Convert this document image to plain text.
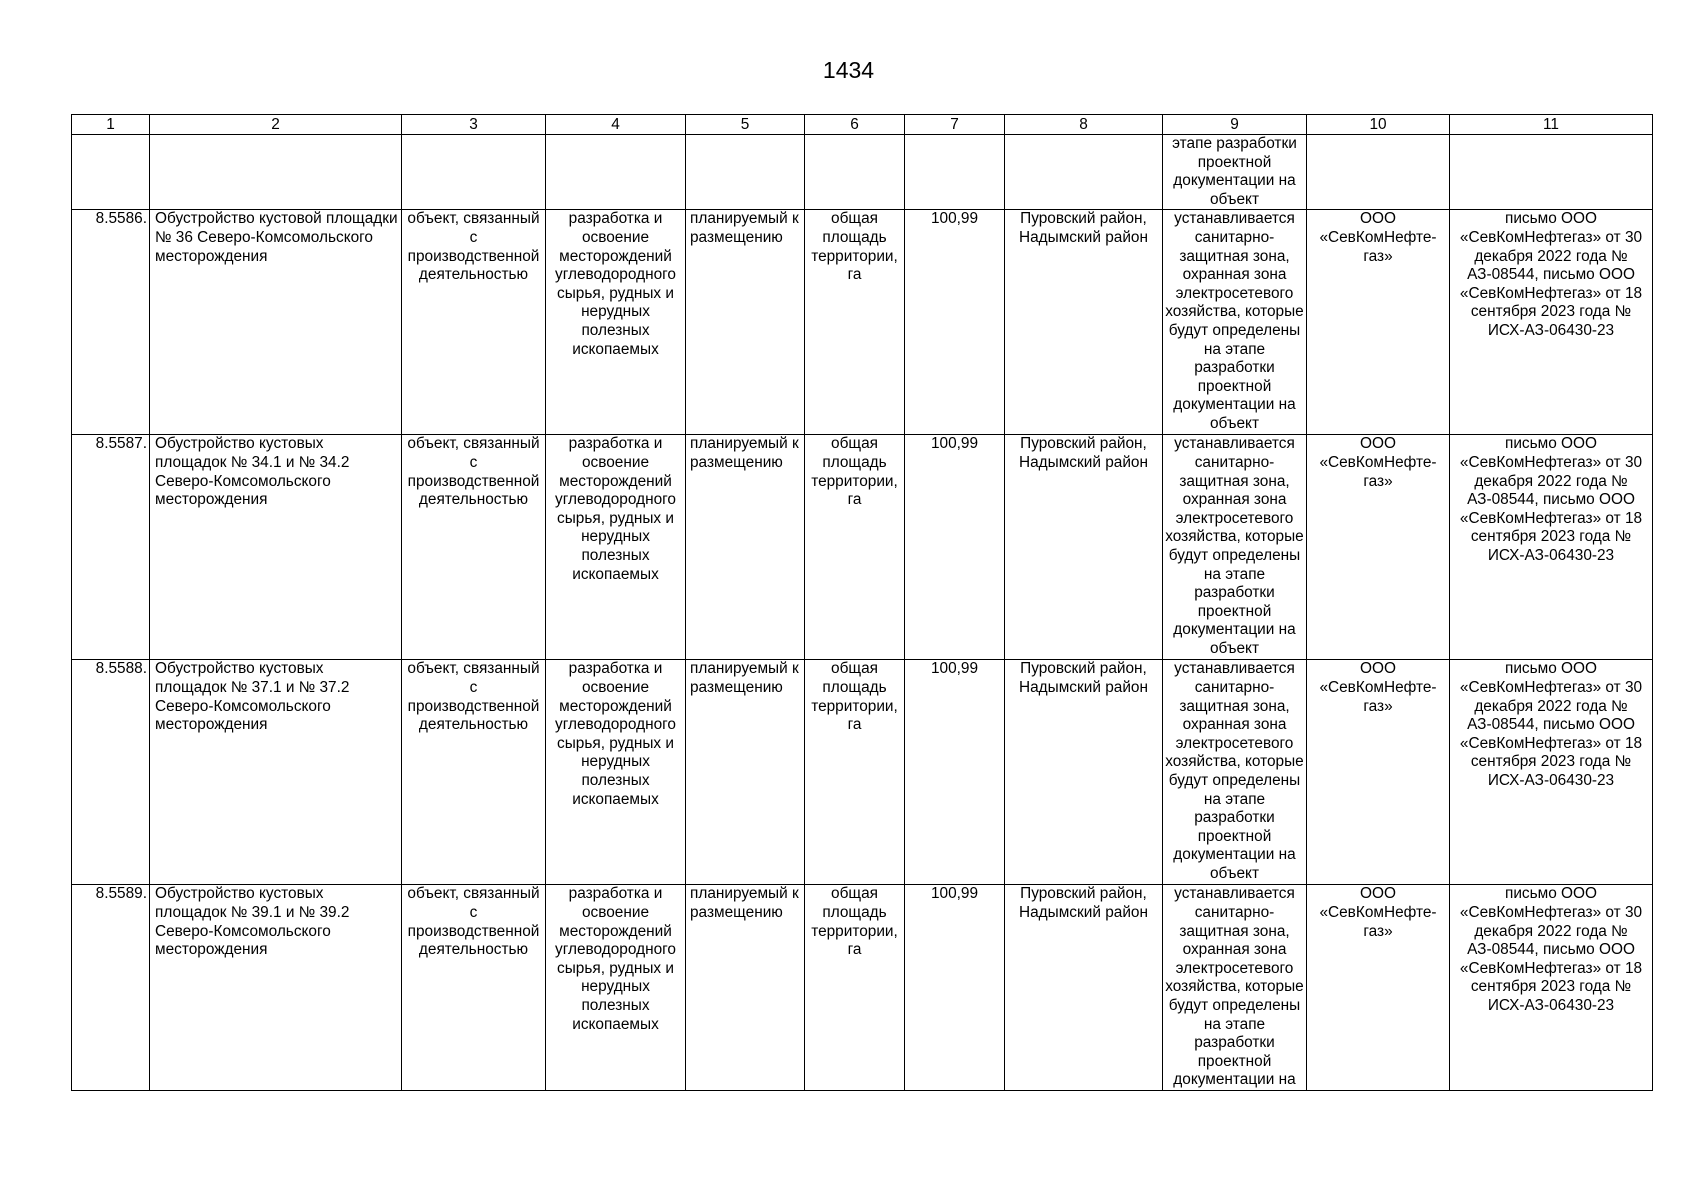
1434
1	2	3	4	5	6	7	8	9	10	11
								этапе разработки проектной документации на объект		
8.5586.	Обустройство кустовой площадки № 36 Северо-Комсомольского месторождения	объект, связанный с производственной деятельностью	разработка и освоение месторождений углеводородного сырья, рудных и нерудных полезных ископаемых	планируемый к размещению	общая площадь территории, га	100,99	Пуровский район, Надымский район	устанавливается санитарно-защитная зона, охранная зона электросетевого хозяйства, которые будут определены на этапе разработки проектной документации на объект	ООО «СевКомНефте-газ»	письмо ООО «СевКомНефтегаз» от 30 декабря 2022 года № АЗ-08544, письмо ООО «СевКомНефтегаз» от 18 сентября 2023 года № ИСХ-АЗ-06430-23
8.5587.	Обустройство кустовых площадок № 34.1 и № 34.2 Северо-Комсомольского месторождения	объект, связанный с производственной деятельностью	разработка и освоение месторождений углеводородного сырья, рудных и нерудных полезных ископаемых	планируемый к размещению	общая площадь территории, га	100,99	Пуровский район, Надымский район	устанавливается санитарно-защитная зона, охранная зона электросетевого хозяйства, которые будут определены на этапе разработки проектной документации на объект	ООО «СевКомНефте-газ»	письмо ООО «СевКомНефтегаз» от 30 декабря 2022 года № АЗ-08544, письмо ООО «СевКомНефтегаз» от 18 сентября 2023 года № ИСХ-АЗ-06430-23
8.5588.	Обустройство кустовых площадок № 37.1 и № 37.2 Северо-Комсомольского месторождения	объект, связанный с производственной деятельностью	разработка и освоение месторождений углеводородного сырья, рудных и нерудных полезных ископаемых	планируемый к размещению	общая площадь территории, га	100,99	Пуровский район, Надымский район	устанавливается санитарно-защитная зона, охранная зона электросетевого хозяйства, которые будут определены на этапе разработки проектной документации на объект	ООО «СевКомНефте-газ»	письмо ООО «СевКомНефтегаз» от 30 декабря 2022 года № АЗ-08544, письмо ООО «СевКомНефтегаз» от 18 сентября 2023 года № ИСХ-АЗ-06430-23
8.5589.	Обустройство кустовых площадок № 39.1 и № 39.2 Северо-Комсомольского месторождения	объект, связанный с производственной деятельностью	разработка и освоение месторождений углеводородного сырья, рудных и нерудных полезных ископаемых	планируемый к размещению	общая площадь территории, га	100,99	Пуровский район, Надымский район	устанавливается санитарно-защитная зона, охранная зона электросетевого хозяйства, которые будут определены на этапе разработки проектной документации на	ООО «СевКомНефте-газ»	письмо ООО «СевКомНефтегаз» от 30 декабря 2022 года № АЗ-08544, письмо ООО «СевКомНефтегаз» от 18 сентября 2023 года № ИСХ-АЗ-06430-23
